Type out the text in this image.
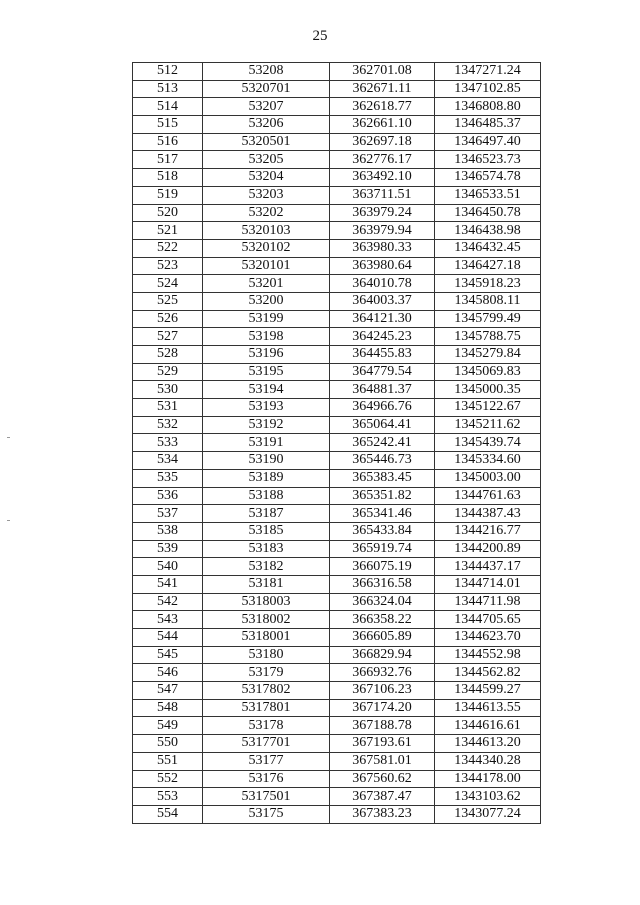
25
512	53208	362701.08	1347271.24
513	5320701	362671.11	1347102.85
514	53207	362618.77	1346808.80
515	53206	362661.10	1346485.37
516	5320501	362697.18	1346497.40
517	53205	362776.17	1346523.73
518	53204	363492.10	1346574.78
519	53203	363711.51	1346533.51
520	53202	363979.24	1346450.78
521	5320103	363979.94	1346438.98
522	5320102	363980.33	1346432.45
523	5320101	363980.64	1346427.18
524	53201	364010.78	1345918.23
525	53200	364003.37	1345808.11
526	53199	364121.30	1345799.49
527	53198	364245.23	1345788.75
528	53196	364455.83	1345279.84
529	53195	364779.54	1345069.83
530	53194	364881.37	1345000.35
531	53193	364966.76	1345122.67
532	53192	365064.41	1345211.62
533	53191	365242.41	1345439.74
534	53190	365446.73	1345334.60
535	53189	365383.45	1345003.00
536	53188	365351.82	1344761.63
537	53187	365341.46	1344387.43
538	53185	365433.84	1344216.77
539	53183	365919.74	1344200.89
540	53182	366075.19	1344437.17
541	53181	366316.58	1344714.01
542	5318003	366324.04	1344711.98
543	5318002	366358.22	1344705.65
544	5318001	366605.89	1344623.70
545	53180	366829.94	1344552.98
546	53179	366932.76	1344562.82
547	5317802	367106.23	1344599.27
548	5317801	367174.20	1344613.55
549	53178	367188.78	1344616.61
550	5317701	367193.61	1344613.20
551	53177	367581.01	1344340.28
552	53176	367560.62	1344178.00
553	5317501	367387.47	1343103.62
554	53175	367383.23	1343077.24
